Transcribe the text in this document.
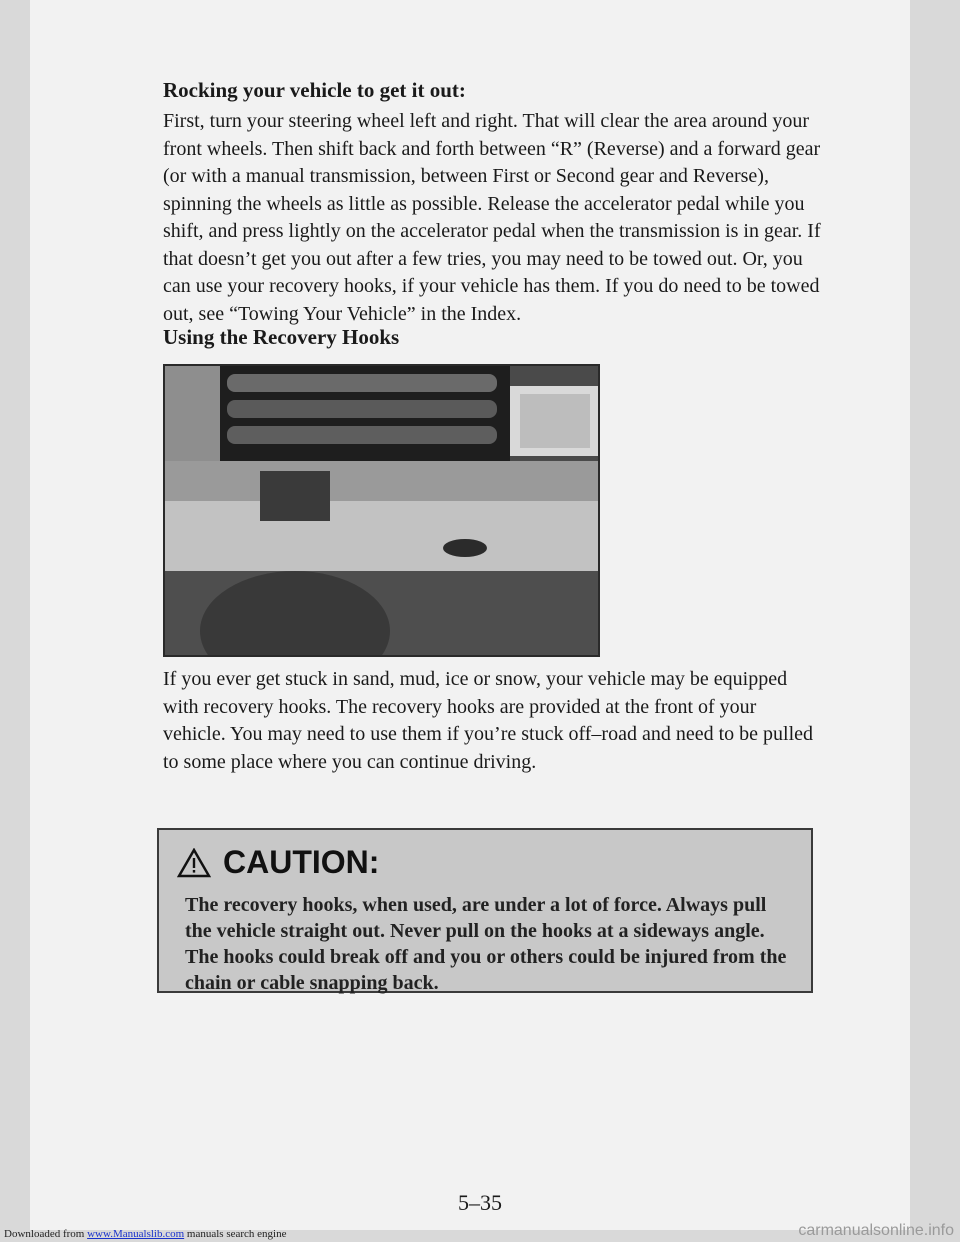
Rocking your vehicle to get it out:
First, turn your steering wheel left and right. That will clear the area around your front wheels. Then shift back and forth between “R” (Reverse) and a forward gear (or with a manual transmission, between First or Second gear and Reverse), spinning the wheels as little as possible. Release the accelerator pedal while you shift, and press lightly on the accelerator pedal when the transmission is in gear. If that doesn’t get you out after a few tries, you may need to be towed out. Or, you can use your recovery hooks, if your vehicle has them. If you do need to be towed out, see “Towing Your Vehicle” in the Index.
Using the Recovery Hooks
If you ever get stuck in sand, mud, ice or snow, your vehicle may be equipped with recovery hooks. The recovery hooks are provided at the front of your vehicle. You may need to use them if you’re stuck off–road and need to be pulled to some place where you can continue driving.
CAUTION:
The recovery hooks, when used, are under a lot of force. Always pull the vehicle straight out. Never pull on the hooks at a sideways angle. The hooks could break off and you or others could be injured from the chain or cable snapping back.
5–35
Downloaded from www.Manualslib.com manuals search engine	carmanualsonline.info
